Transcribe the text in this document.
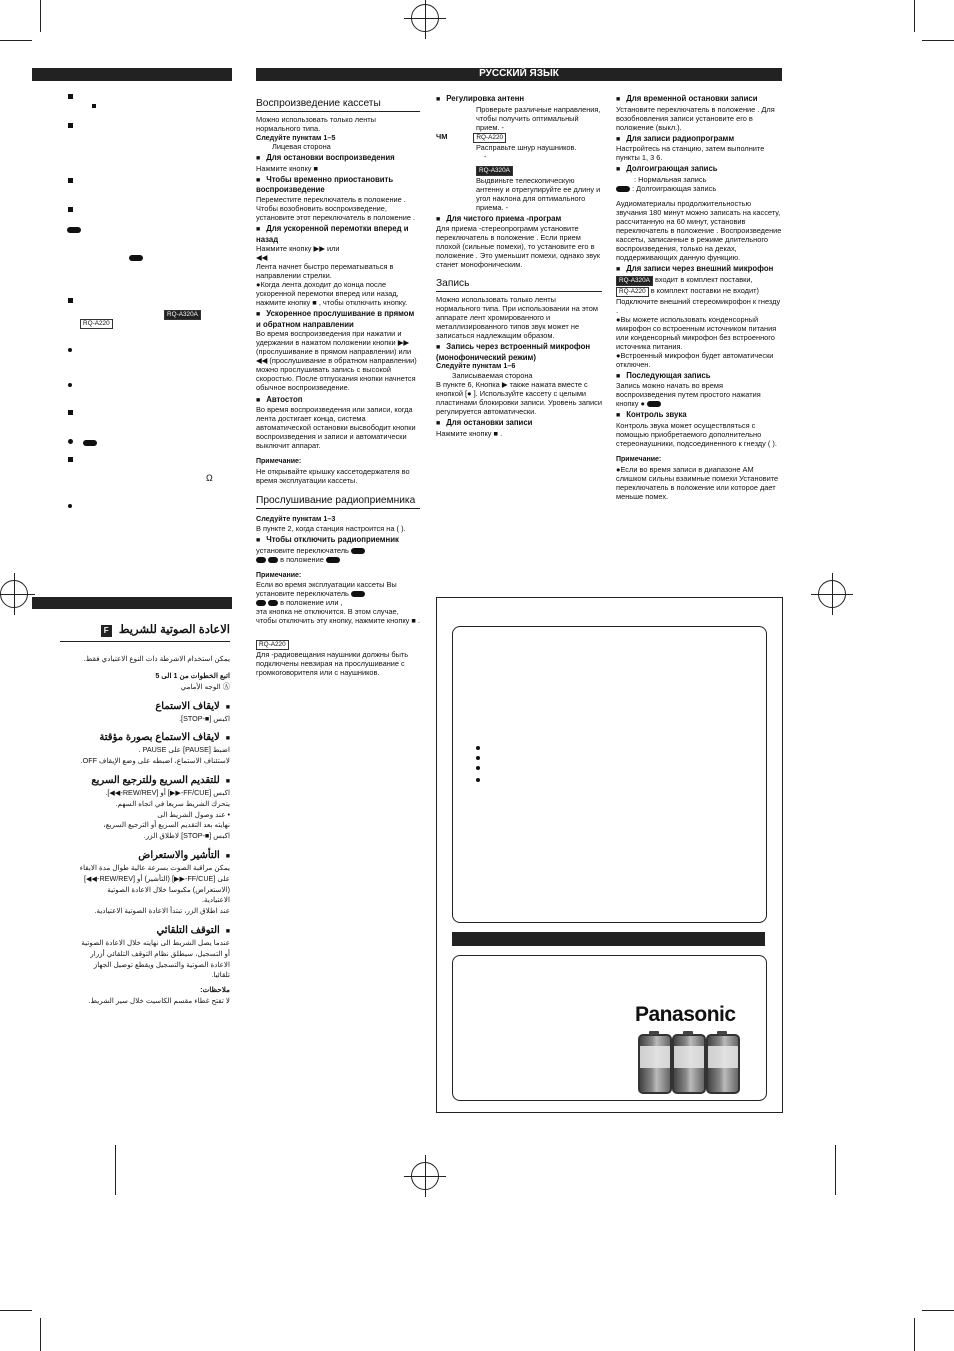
РУССКИЙ ЯЗЫК
RQ-A320A
RQ-A220
Ω
الاعادة الصوتية للشريط F

يمكن استخدام الاشرطة ذات النوع الاعتيادي فقط.

اتبع الخطوات من 1 الى 5

Ⓐ الوجه الأمامي

■ لايقاف الاستماع

اكبس [■-STOP].

■ لايقاف الاستماع بصورة مؤقتة

اضبط [PAUSE] على PAUSE .

لاستئناف الاستماع، اضبطه على وضع الإيقاف OFF.

■ للتقديم السريع وللترجيع السريع

اكبس [FF/CUE-▶▶] أو [REW/REV-◀◀].

يتحرك الشريط سريعا في اتجاه السهم.

• عند وصول الشريط الى

نهايته بعد التقديم السريع أو الترجيع السريع،

اكبس [■-STOP] لاطلاق الزر.

■ التأشير والاستعراض

يمكن مراقبة الصوت بسرعة عالية طوال مدة الابقاء

على [FF/CUE-▶▶] (التأشير) أو [REW/REV-◀◀]

(الاستعراض) مكبوسا خلال الاعادة الصوتية

الاعتيادية.

عند اطلاق الزر، تبتدأ الاعادة الصوتية الاعتيادية.

■ التوقف التلقائي

عندما يصل الشريط الى نهايته خلال الاعادة الصوتية

أو التسجيل، سيطلق نظام التوقف التلقائي أزرار

الاعادة الصوتية والتسجيل ويقطع توصيل الجهاز

تلقائيا.

ملاحظات:

لا تفتح غطاء مقسم الكاسيت خلال سير الشريط.

Воспроизведение кассеты

Можно использовать только ленты нормального типа.

Следуйте пунктам 1–5

Лицевая сторона

■ Для остановки воспроизведения

Нажмите кнопку ■

■ Чтобы временно приостановить воспроизведение

Переместите переключатель в положение .

Чтобы возобновить воспроизведение, установите этот переключатель в положение .

■ Для ускоренной перемотки вперед и назад

Нажмите кнопку ▶▶ или

◀◀

Лента начнет быстро перематываться в направлении стрелки.

●Когда лента доходит до конца после ускоренной перемотки вперед или назад, нажмите кнопку ■ , чтобы отключить кнопку.

■ Ускоренное прослушивание в прямом и обратном направлении

Во время воспроизведения при нажатии и удержании в нажатом положении кнопки ▶▶ (прослушивание в прямом направлении) или ◀◀ (прослушивание в обратном направлении) можно прослушивать запись с высокой скоростью. После отпускания кнопки начнется обычное воспроизведение.

■ Автостоп

Во время воспроизведения или записи, когда лента достигает конца, система автоматической остановки высвободит кнопки воспроизведения и записи и автоматически выключит аппарат.

Примечание:

Не открывайте крышку кассетодержателя во время эксплуатации кассеты.

Прослушивание радиоприемника

Следуйте пунктам 1–3

В пункте 2, когда станция настроится на ( ).

■ Чтобы отключить радиоприемник

установите переключатель

в положение

Примечание:

Если во время эксплуатации кассеты Вы установите переключатель

в положение или ,

эта кнопка не отключится. В этом случае, чтобы отключить эту кнопку, нажмите кнопку ■ .

RQ-A220

Для -радиовещания наушники должны быть подключены невзирая на прослушивание с громкоговорителя или с наушников.

■ Регулировка антенн

Проверьте различные направления, чтобы получить оптимальный прием. -

ЧМ	RQ-A220

Расправьте шнур наушников.

-

RQ-A320A

Выдвиньте телескопическую антенну и отрегулируйте ее длину и угол наклона для оптимального приема. -

■ Для чистого приема -програм

Для приема -стереопрограмм установите переключатель в положение . Если прием плохой (сильные помехи), то установите его в положение . Это уменьшит помехи, однако звук станет монофоническим.

Запись

Можно использовать только ленты нормального типа. При использовании на этом аппарате лент хромированного и металлизированного типов звук может не записаться надлежащим образом.

■ Запись через встроенный микрофон (монофонический режим)

Следуйте пунктам 1–6

Записываемая сторона

В пункте 6, Кнопка ▶ также нажата вместе с кнопкой [● ]. Используйте кассету с целыми пластинами блокировки записи. Уровень записи регулируется автоматически.

■ Для остановки записи

Нажмите кнопку ■ .

■ Для временной остановки записи

Установите переключатель в положение . Для возобновления записи установите его в положение (выкл.).

■ Для записи радиопрограмм

Настройтесь на станцию, затем выполните пункты 1, 3 6.

■ Долгоиграющая запись

: Нормальная запись

: Долгоиграющая запись

Аудиоматериалы продолжительностью звучания 180 минут можно записать на кассету, рассчитанную на 60 минут, установив переключатель в положение . Воспроизведение кассеты, записанные в режиме длительного воспроизведения, только на деках, поддерживающих данную функцию.

■ Для записи через внешний микрофон

RQ-A320A входит в комплект поставки, RQ-A220 в комплект поставки не входит)

Подключите внешний стереомикрофон к гнезду .

●Вы можете использовать конденсорный микрофон со встроенным источником питания или конденсорный микрофон без встроенного источника питания.

●Встроенный микрофон будет автоматически отключен.

■ Последующая запись

Запись можно начать во время воспроизведения путем простого нажатия кнопку ●

■ Контроль звука

Контроль звука может осуществляться с помощью приобретаемого дополнительно стереонаушники, подсоединенного к гнезду ( ).

Примечание:

●Если во время записи в диапазоне AM слишком сильны взаимные помехи Установите переключатель в положение или которое дает меньше помех.

Panasonic
